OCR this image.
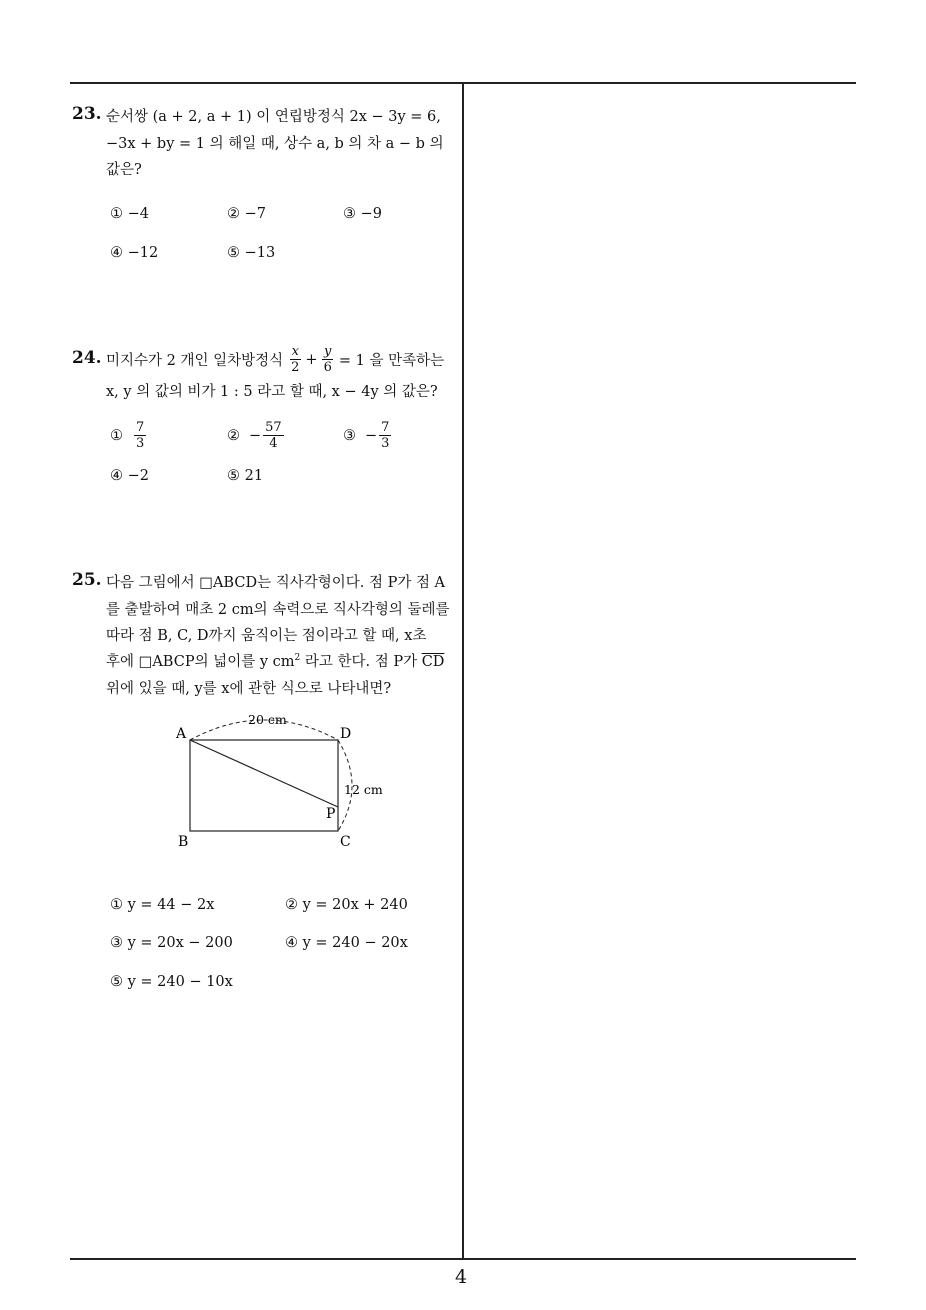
23. 순서쌍 (a + 2, a + 1) 이 연립방정식 2x − 3y = 6,
−3x + by = 1 의 해일 때, 상수 a, b 의 차 a − b 의
값은?
① −4	② −7	③ −9
④ −12	⑤ −13
24. 미지수가 2 개인 일차방정식 $\frac{x}{2} + \frac{y}{6} = 1$ 을 만족하는
x, y 의 값의 비가 1 : 5 라고 할 때, x − 4y 의 값은?
① $\frac{7}{3}$	② − $\frac{57}{4}$	③ − $\frac{7}{3}$
④ −2	⑤ 21
25. 다음 그림에서 □ABCD는 직사각형이다. 점 P가 점 A
를 출발하여 매초 2 cm의 속력으로 직사각형의 둘레를
따라 점 B, C, D까지 움직이는 점이라고 할 때, x초
후에 □ABCP의 넓이를 y $cm^2$ 라고 한다. 점 P가 $\overline{CD}$
위에 있을 때, y를 x에 관한 식으로 나타내면?
A	D
B	C
P
20 cm
12 cm
① y = 44 − 2x	② y = 20x + 240
③ y = 20x − 200	④ y = 240 − 20x
⑤ y = 240 − 10x
4
